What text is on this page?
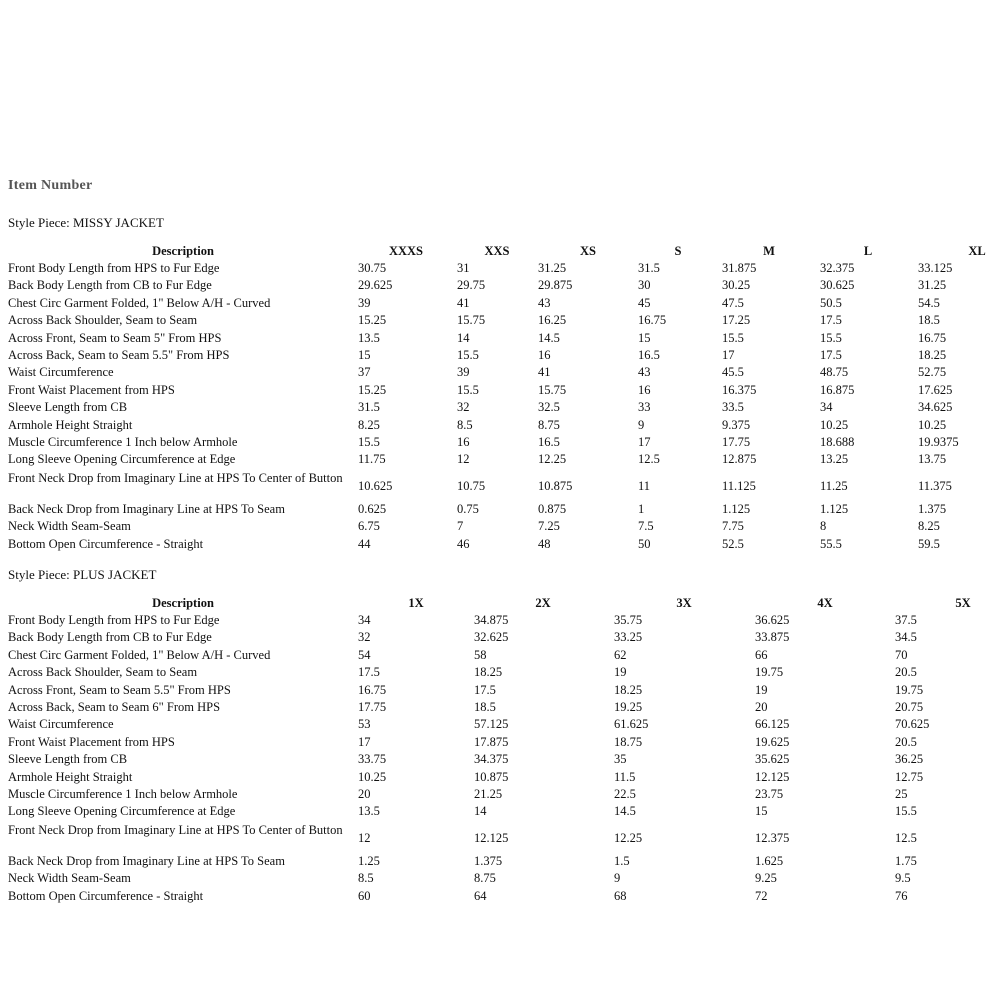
Item Number
Style Piece: MISSY JACKET
Description	XXXS	XXS	XS	S	M	L	XL
Front Body Length from HPS to Fur Edge	30.75	31	31.25	31.5	31.875	32.375	33.125
Back Body Length from CB to Fur Edge	29.625	29.75	29.875	30	30.25	30.625	31.25
Chest Circ Garment Folded, 1" Below A/H - Curved	39	41	43	45	47.5	50.5	54.5
Across Back Shoulder, Seam to Seam	15.25	15.75	16.25	16.75	17.25	17.5	18.5
Across Front, Seam to Seam 5" From HPS	13.5	14	14.5	15	15.5	15.5	16.75
Across Back, Seam to Seam 5.5" From HPS	15	15.5	16	16.5	17	17.5	18.25
Waist Circumference	37	39	41	43	45.5	48.75	52.75
Front Waist Placement from HPS	15.25	15.5	15.75	16	16.375	16.875	17.625
Sleeve Length from CB	31.5	32	32.5	33	33.5	34	34.625
Armhole Height Straight	8.25	8.5	8.75	9	9.375	10.25	10.25
Muscle Circumference 1 Inch below Armhole	15.5	16	16.5	17	17.75	18.688	19.9375
Long Sleeve Opening Circumference at Edge	11.75	12	12.25	12.5	12.875	13.25	13.75
Front Neck Drop from Imaginary Line at HPS To Center of Button
10.625	10.75	10.875	11	11.125	11.25	11.375
Back Neck Drop from Imaginary Line at HPS To Seam	0.625	0.75	0.875	1	1.125	1.125	1.375
Neck Width Seam-Seam	6.75	7	7.25	7.5	7.75	8	8.25
Bottom Open Circumference - Straight	44	46	48	50	52.5	55.5	59.5
Style Piece: PLUS JACKET
Description	1X	2X	3X	4X	5X
Front Body Length from HPS to Fur Edge	34	34.875	35.75	36.625	37.5
Back Body Length from CB to Fur Edge	32	32.625	33.25	33.875	34.5
Chest Circ Garment Folded, 1" Below A/H - Curved	54	58	62	66	70
Across Back Shoulder, Seam to Seam	17.5	18.25	19	19.75	20.5
Across Front, Seam to Seam 5.5" From HPS	16.75	17.5	18.25	19	19.75
Across Back, Seam to Seam 6" From HPS	17.75	18.5	19.25	20	20.75
Waist Circumference	53	57.125	61.625	66.125	70.625
Front Waist Placement from HPS	17	17.875	18.75	19.625	20.5
Sleeve Length from CB	33.75	34.375	35	35.625	36.25
Armhole Height Straight	10.25	10.875	11.5	12.125	12.75
Muscle Circumference 1 Inch below Armhole	20	21.25	22.5	23.75	25
Long Sleeve Opening Circumference at Edge	13.5	14	14.5	15	15.5
Front Neck Drop from Imaginary Line at HPS To Center of Button
12	12.125	12.25	12.375	12.5
Back Neck Drop from Imaginary Line at HPS To Seam	1.25	1.375	1.5	1.625	1.75
Neck Width Seam-Seam	8.5	8.75	9	9.25	9.5
Bottom Open Circumference - Straight	60	64	68	72	76
